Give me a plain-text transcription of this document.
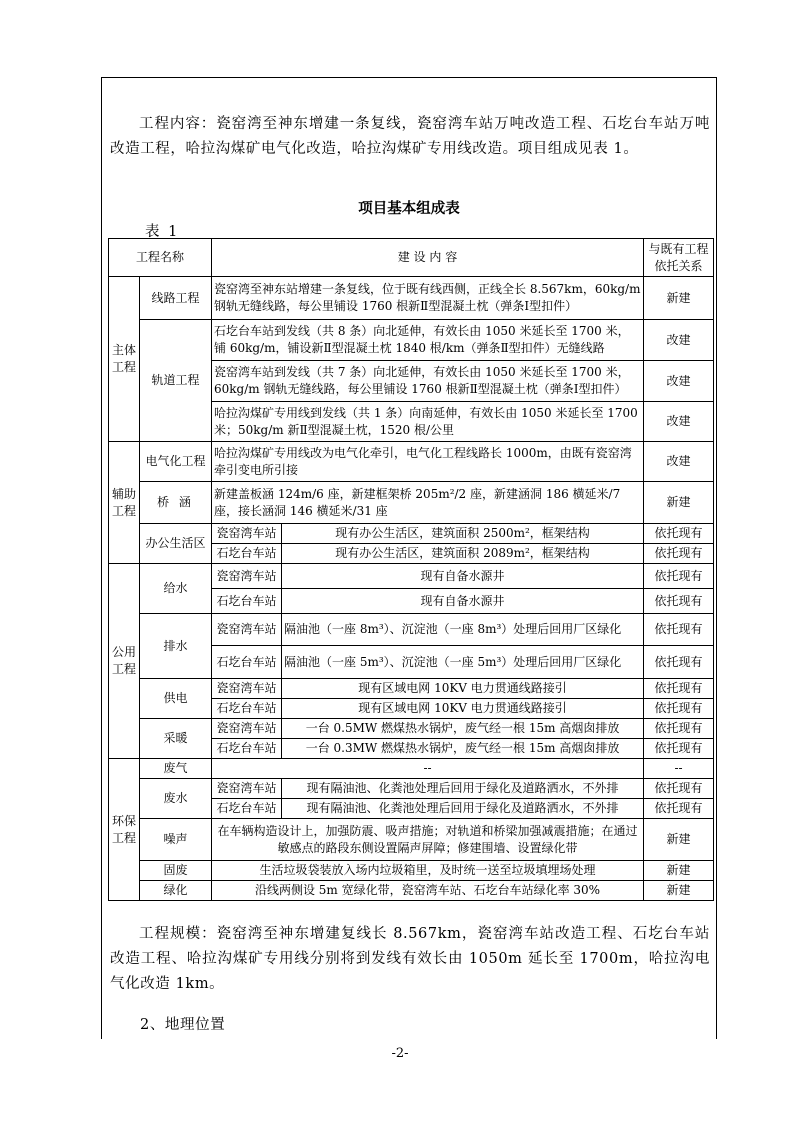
工程内容：瓷窑湾至神东增建一条复线，瓷窑湾车站万吨改造工程、石圪台车站万吨改造工程，哈拉沟煤矿电气化改造，哈拉沟煤矿专用线改造。项目组成见表 1。

项目基本组成表
表 1
工程名称		建 设 内 容		与既有工程依托关系
主体工程	线路工程	瓷窑湾至神东站增建一条复线，位于既有线西侧，正线全长 8.567km，60kg/m 钢轨无缝线路，每公里铺设 1760 根新Ⅱ型混凝土枕（弹条Ⅰ型扣件）		新建
	轨道工程	石圪台车站到发线（共 8 条）向北延伸，有效长由 1050 米延长至 1700 米，铺 60kg/m，铺设新Ⅱ型混凝土枕 1840 根/km（弹条Ⅱ型扣件）无缝线路		改建
		瓷窑湾车站到发线（共 7 条）向北延伸，有效长由 1050 米延长至 1700 米，60kg/m 钢轨无缝线路，每公里铺设 1760 根新Ⅱ型混凝土枕（弹条Ⅰ型扣件）		改建
		哈拉沟煤矿专用线到发线（共 1 条）向南延伸，有效长由 1050 米延长至 1700 米；50kg/m 新Ⅱ型混凝土枕，1520 根/公里		改建
辅助工程	电气化工程	哈拉沟煤矿专用线改为电气化牵引，电气化工程线路长 1000m，由既有瓷窑湾牵引变电所引接		改建
	桥 涵	新建盖板涵 124m/6 座，新建框架桥 205m²/2 座，新建涵洞 186 横延米/7 座，接长涵洞 146 横延米/31 座		新建
	办公生活区	瓷窑湾车站	现有办公生活区，建筑面积 2500m²，框架结构	依托现有
		石圪台车站	现有办公生活区，建筑面积 2089m²，框架结构	依托现有
公用工程	给水	瓷窑湾车站	现有自备水源井	依托现有
		石圪台车站	现有自备水源井	依托现有
	排水	瓷窑湾车站	隔油池（一座 8m³）、沉淀池（一座 8m³）处理后回用厂区绿化	依托现有
		石圪台车站	隔油池（一座 5m³）、沉淀池（一座 5m³）处理后回用厂区绿化	依托现有
	供电	瓷窑湾车站	现有区域电网 10KV 电力贯通线路接引	依托现有
		石圪台车站	现有区域电网 10KV 电力贯通线路接引	依托现有
	采暖	瓷窑湾车站	一台 0.5MW 燃煤热水锅炉，废气经一根 15m 高烟囱排放	依托现有
		石圪台车站	一台 0.3MW 燃煤热水锅炉，废气经一根 15m 高烟囱排放	依托现有
环保工程	废气	--		--
	废水	瓷窑湾车站	现有隔油池、化粪池处理后回用于绿化及道路洒水，不外排	依托现有
		石圪台车站	现有隔油池、化粪池处理后回用于绿化及道路洒水，不外排	依托现有
	噪声	在车辆构造设计上，加强防震、吸声措施；对轨道和桥梁加强减震措施；在通过敏感点的路段东侧设置隔声屏障；修建围墙、设置绿化带		新建
	固废	生活垃圾袋装放入场内垃圾箱里，及时统一送至垃圾填埋场处理		新建
	绿化	沿线两侧设 5m 宽绿化带，瓷窑湾车站、石圪台车站绿化率 30%		新建

工程规模：瓷窑湾至神东增建复线长 8.567km，瓷窑湾车站改造工程、石圪台车站改造工程、哈拉沟煤矿专用线分别将到发线有效长由 1050m 延长至 1700m，哈拉沟电气化改造 1km。

2、地理位置

-2-
